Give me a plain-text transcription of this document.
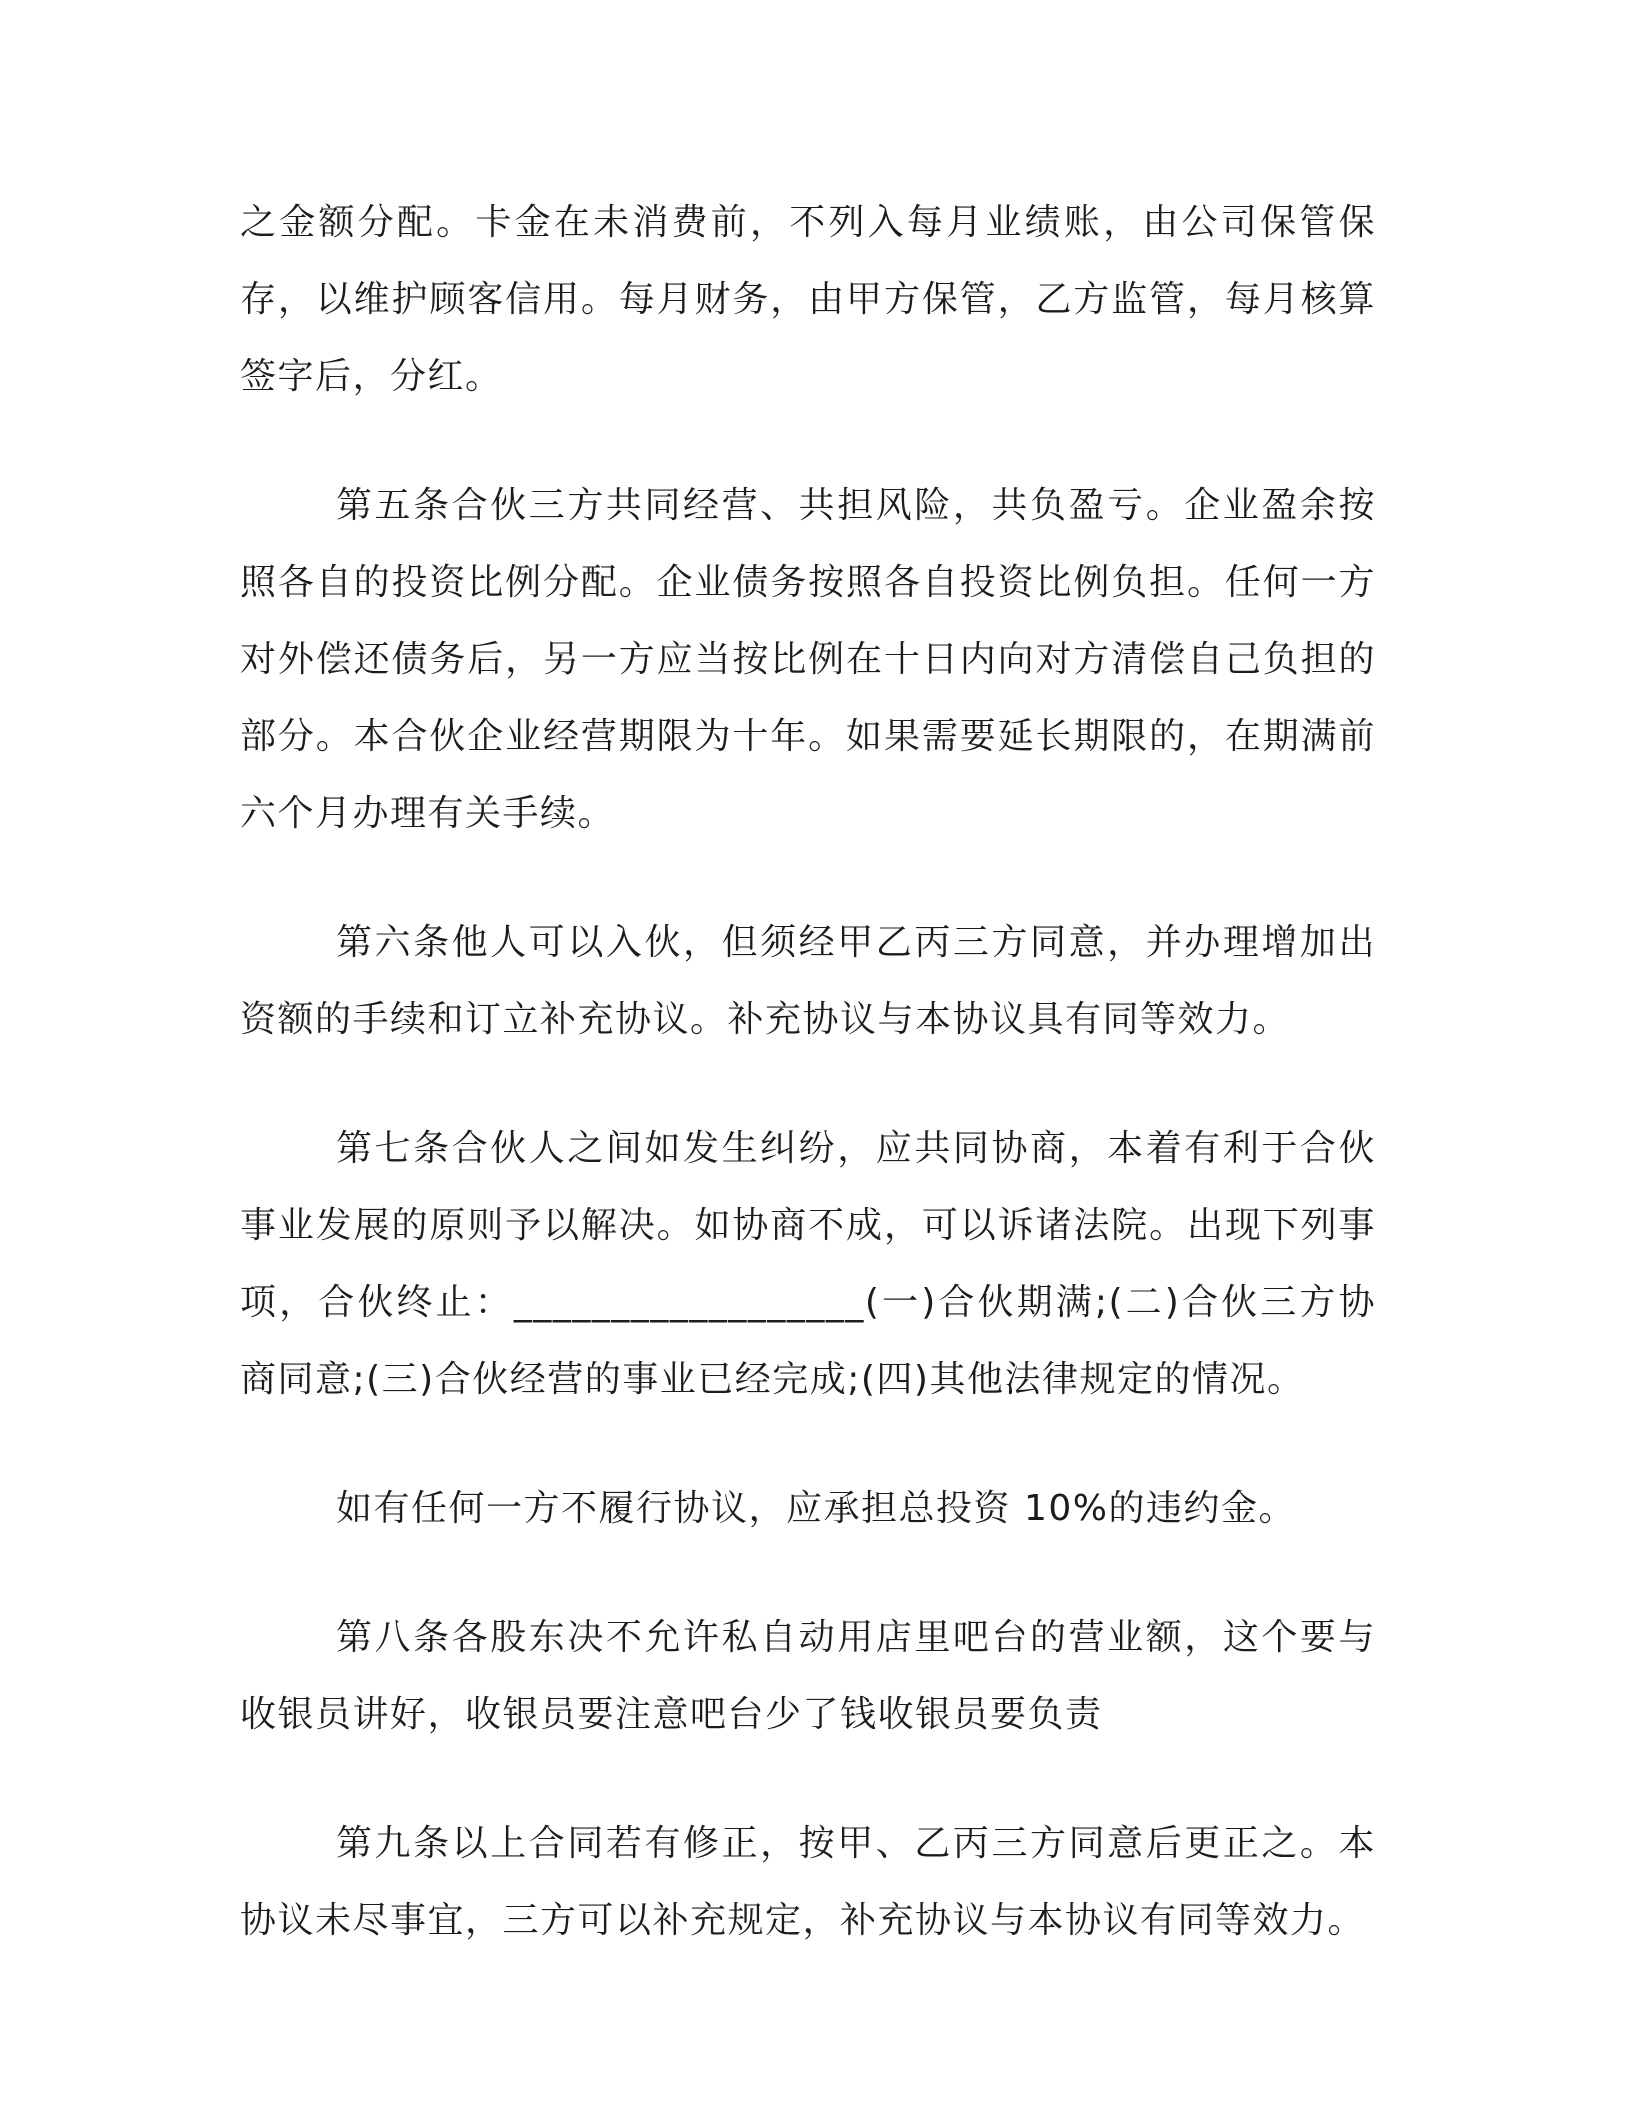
之金额分配。卡金在未消费前，不列入每月业绩账，由公司保管保存，以维护顾客信用。每月财务，由甲方保管，乙方监管，每月核算签字后，分红。

第五条合伙三方共同经营、共担风险，共负盈亏。企业盈余按照各自的投资比例分配。企业债务按照各自投资比例负担。任何一方对外偿还债务后，另一方应当按比例在十日内向对方清偿自己负担的部分。本合伙企业经营期限为十年。如果需要延长期限的，在期满前六个月办理有关手续。

第六条他人可以入伙，但须经甲乙丙三方同意，并办理增加出资额的手续和订立补充协议。补充协议与本协议具有同等效力。

第七条合伙人之间如发生纠纷，应共同协商，本着有利于合伙事业发展的原则予以解决。如协商不成，可以诉诸法院。出现下列事项，合伙终止：__________________(一)合伙期满;(二)合伙三方协商同意;(三)合伙经营的事业已经完成;(四)其他法律规定的情况。

如有任何一方不履行协议，应承担总投资 10%的违约金。

第八条各股东决不允许私自动用店里吧台的营业额，这个要与收银员讲好，收银员要注意吧台少了钱收银员要负责

第九条以上合同若有修正，按甲、乙丙三方同意后更正之。本协议未尽事宜，三方可以补充规定，补充协议与本协议有同等效力。
